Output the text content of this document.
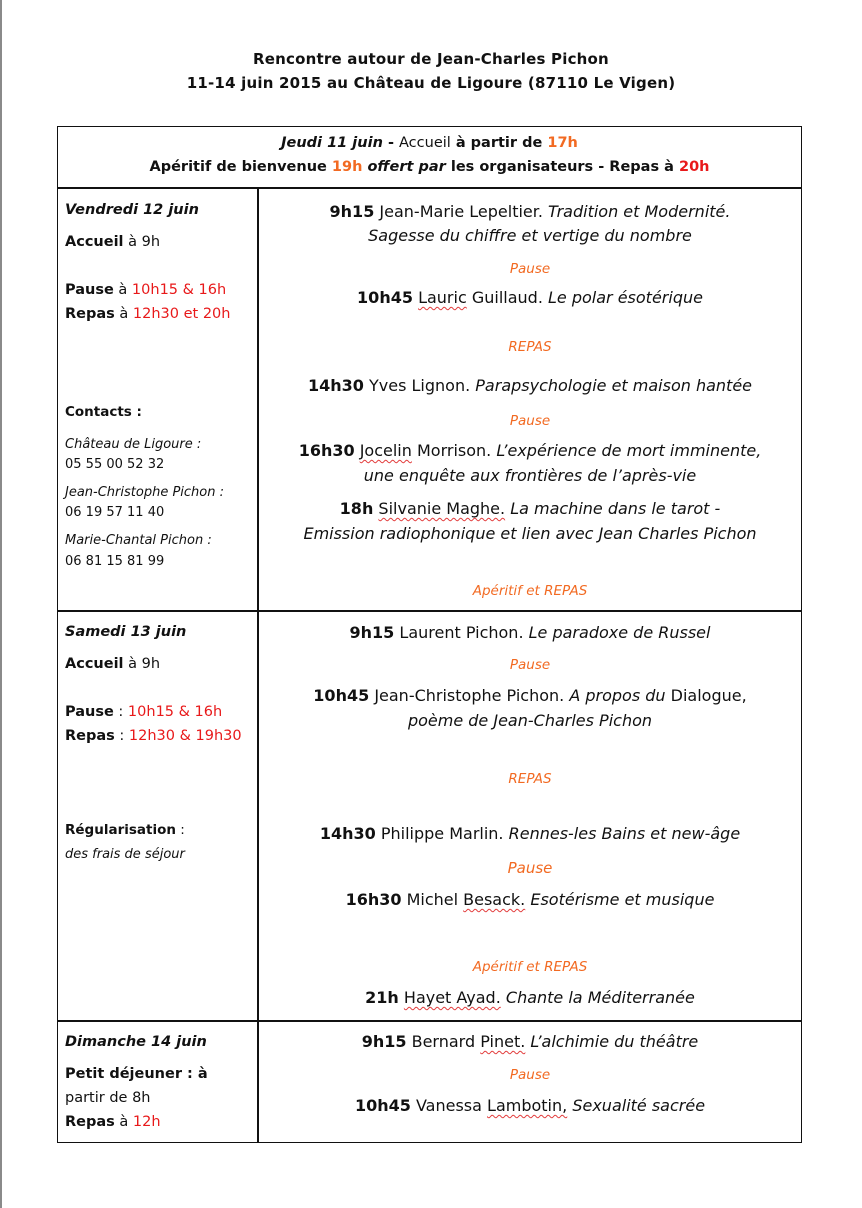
Rencontre autour de Jean-Charles Pichon
11-14 juin 2015 au Château de Ligoure (87110 Le Vigen)
Jeudi 11 juin - Accueil à partir de 17h
Apéritif de bienvenue 19h offert par les organisateurs - Repas à 20h
Vendredi 12 juin
Accueil à 9h
Pause à 10h15 & 16h
Repas à 12h30 et 20h
Contacts :
Château de Ligoure :
05 55 00 52 32
Jean-Christophe Pichon :
06 19 57 11 40
Marie-Chantal Pichon :
06 81 15 81 99
9h15 Jean-Marie Lepeltier. Tradition et Modernité.
Sagesse du chiffre et vertige du nombre
Pause
10h45 Lauric Guillaud. Le polar ésotérique
REPAS
14h30 Yves Lignon. Parapsychologie et maison hantée
Pause
16h30 Jocelin Morrison. L’expérience de mort imminente,
une enquête aux frontières de l’après-vie
18h Silvanie Maghe. La machine dans le tarot -
Emission radiophonique et lien avec Jean Charles Pichon
Apéritif et REPAS
Samedi 13 juin
Accueil à 9h
Pause : 10h15 & 16h
Repas : 12h30 & 19h30
Régularisation :
des frais de séjour
9h15 Laurent Pichon. Le paradoxe de Russel
Pause
10h45 Jean-Christophe Pichon. A propos du Dialogue,
poème de Jean-Charles Pichon
REPAS
14h30 Philippe Marlin. Rennes-les Bains et new-âge
Pause
16h30 Michel Besack. Esotérisme et musique
Apéritif et REPAS
21h Hayet Ayad. Chante la Méditerranée
Dimanche 14 juin
Petit déjeuner : à
partir de 8h
Repas à 12h
9h15 Bernard Pinet. L’alchimie du théâtre
Pause
10h45 Vanessa Lambotin, Sexualité sacrée
